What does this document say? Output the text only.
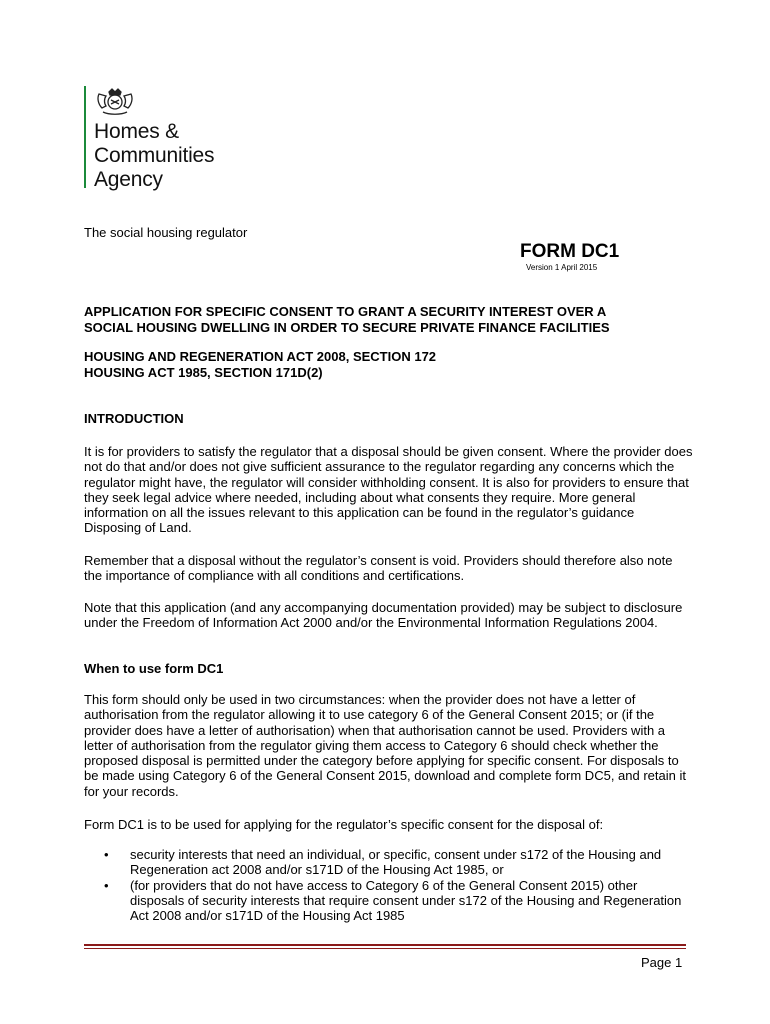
Homes &
Communities
Agency
The social housing regulator
FORM DC1
Version 1 April 2015
APPLICATION FOR SPECIFIC CONSENT TO GRANT A SECURITY INTEREST OVER A
SOCIAL HOUSING DWELLING IN ORDER TO SECURE PRIVATE FINANCE FACILITIES
HOUSING AND REGENERATION ACT 2008, SECTION 172
HOUSING ACT 1985, SECTION 171D(2)
INTRODUCTION
It is for providers to satisfy the regulator that a disposal should be given consent. Where the provider does not do that and/or does not give sufficient assurance to the regulator regarding any concerns which the regulator might have, the regulator will consider withholding consent. It is also for providers to ensure that they seek legal advice where needed, including about what consents they require. More general information on all the issues relevant to this application can be found in the regulator’s guidance Disposing of Land.
Remember that a disposal without the regulator’s consent is void. Providers should therefore also note the importance of compliance with all conditions and certifications.
Note that this application (and any accompanying documentation provided) may be subject to disclosure under the Freedom of Information Act 2000 and/or the Environmental Information Regulations 2004.
When to use form DC1
This form should only be used in two circumstances: when the provider does not have a letter of authorisation from the regulator allowing it to use category 6 of the General Consent 2015; or (if the provider does have a letter of authorisation) when that authorisation cannot be used. Providers with a letter of authorisation from the regulator giving them access to Category 6 should check whether the proposed disposal is permitted under the category before applying for specific consent. For disposals to be made using Category 6 of the General Consent 2015, download and complete form DC5, and retain it for your records.
Form DC1 is to be used for applying for the regulator’s specific consent for the disposal of:
• security interests that need an individual, or specific, consent under s172 of the Housing and Regeneration act 2008 and/or s171D of the Housing Act 1985, or
• (for providers that do not have access to Category 6 of the General Consent 2015) other disposals of security interests that require consent under s172 of the Housing and Regeneration Act 2008 and/or s171D of the Housing Act 1985
Page 1
